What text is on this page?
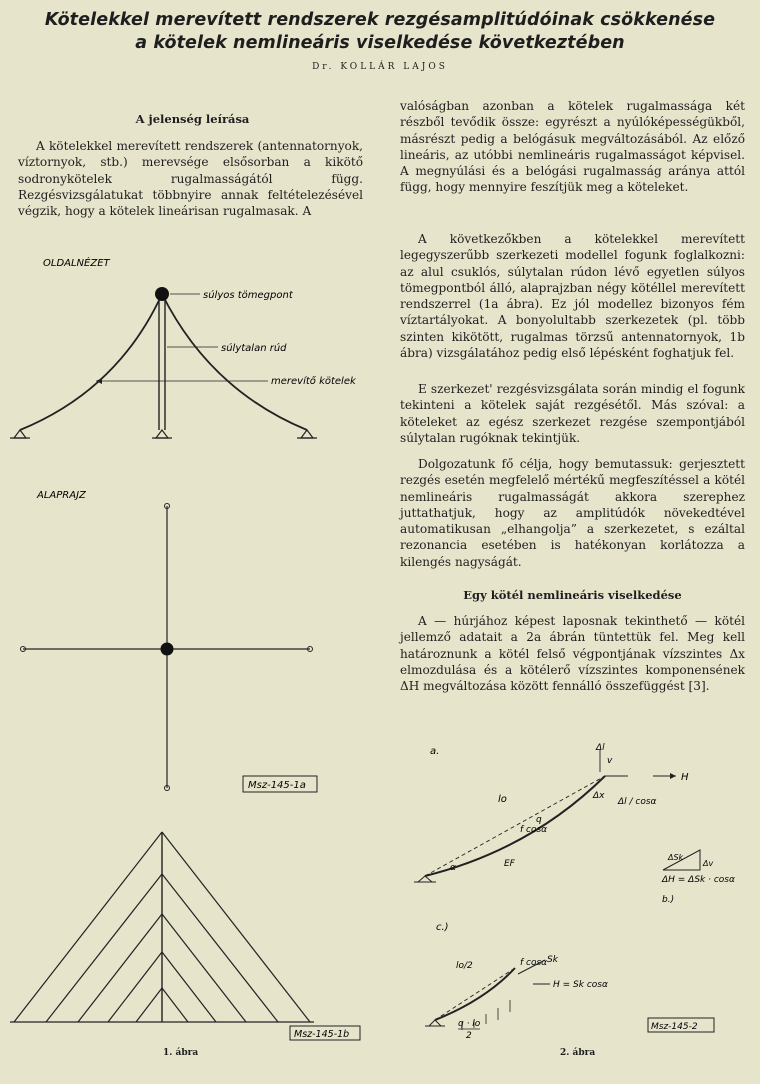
Kötelekkel merevített rendszerek rezgésamplitúdóinak csökkenése
a kötelek nemlineáris viselkedése következtében
Dr. KOLLÁR LAJOS
A jelenség leírása

A kötelekkel merevített rendszerek (antennatornyok, víztornyok, stb.) merevsége elsősorban a kikötő sodronykötelek rugalmasságától függ. Rezgésvizsgálatukat többnyire annak feltételezésével végzik, hogy a kötelek lineárisan rugalmasak. A

valóságban azonban a kötelek rugalmassága két részből tevődik össze: egyrészt a nyúlóképességükből, másrészt pedig a belógásuk megváltozásából. Az előző lineáris, az utóbbi nemlineáris rugalmasságot képvisel. A megnyúlási és a belógási rugalmasság aránya attól függ, hogy mennyire feszítjük meg a köteleket.

A következőkben a kötelekkel merevített legegyszerűbb szerkezeti modellel fogunk foglalkozni: az alul csuklós, súlytalan rúdon lévő egyetlen súlyos tömegpontból álló, alaprajzban négy kötéllel merevített rendszerrel (1a ábra). Ez jól modellez bizonyos fém víztartályokat. A bonyolultabb szerkezetek (pl. több szinten kikötött, rugalmas törzsű antennatornyok, 1b ábra) vizsgálatához pedig első lépésként foghatjuk fel.

E szerkezet' rezgésvizsgálata során mindig el fogunk tekinteni a kötelek saját rezgésétől. Más szóval: a köteleket az egész szerkezet rezgése szempontjából súlytalan rugóknak tekintjük.

Dolgozatunk fő célja, hogy bemutassuk: gerjesztett rezgés esetén megfelelő mértékű megfeszítéssel a kötél nemlineáris rugalmasságát akkora szerephez juttathatjuk, hogy az amplitúdók növekedtével automatikusan „elhangolja” a szerkezetet, s ezáltal rezonancia esetében is hatékonyan korlátozza a kilengés nagyságát.

Egy kötél nemlineáris viselkedése

A — húrjához képest laposnak tekinthető — kötél jellemző adatait a 2a ábrán tüntettük fel. Meg kell határoznunk a kötél felső végpontjának vízszintes Δx elmozdulása és a kötélerő vízszintes komponensének ΔH megváltozása között fennálló összefüggést [3].

OLDALNÉZET
súlyos tömegpont
súlytalan rúd
merevítő kötelek
ALAPRAJZ
Msz-145-1a
Msz-145-1b
1. ábra
a.	Δl
v
Δx
Δl / cosα
H
lo
q
f cosα
α	EF
ΔSk
Δv
ΔH = ΔSk · cosα
b.)
c.)
lo/2	f cosα Sk
H = Sk cosα
q · lo
2
Msz-145-2
2. ábra
